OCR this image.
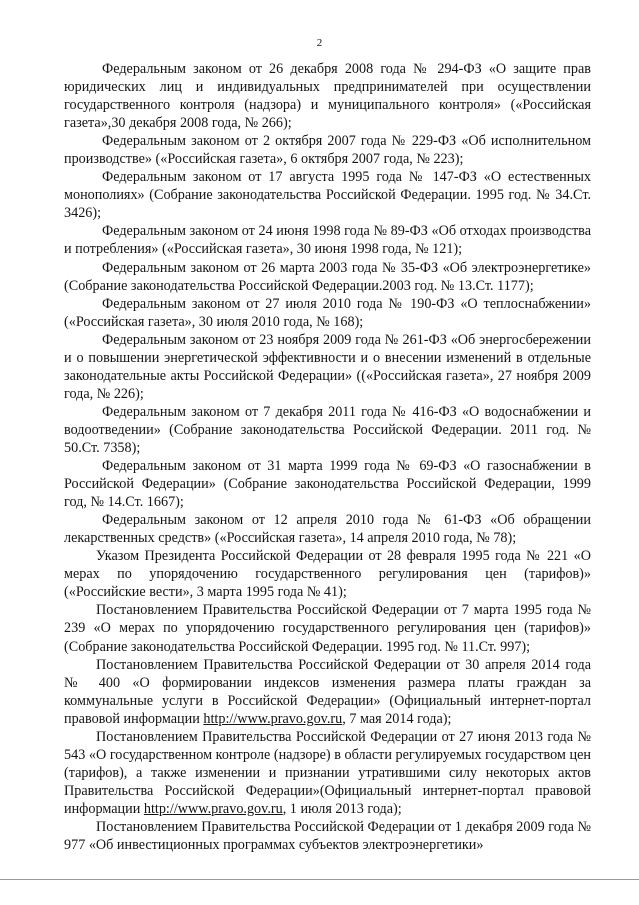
2

Федеральным законом от 26 декабря 2008 года № 294-ФЗ «О защите прав юридических лиц и индивидуальных предпринимателей при осуществлении государственного контроля (надзора) и муниципального контроля» («Российская газета»,30 декабря 2008 года, № 266);

Федеральным законом от 2 октября 2007 года № 229-ФЗ «Об исполнительном производстве» («Российская газета», 6 октября 2007 года, № 223);

Федеральным законом от 17 августа 1995 года № 147-ФЗ «О естественных монополиях» (Собрание законодательства Российской Федерации. 1995 год. № 34.Ст. 3426);

Федеральным законом от 24 июня 1998 года № 89-ФЗ «Об отходах производства и потребления» («Российская газета», 30 июня 1998 года, № 121);

Федеральным законом от 26 марта 2003 года № 35-ФЗ «Об электроэнергетике» (Собрание законодательства Российской Федерации.2003 год. № 13.Ст. 1177);

Федеральным законом от 27 июля 2010 года № 190-ФЗ «О теплоснабжении» («Российская газета», 30 июля 2010 года, № 168);

Федеральным законом от 23 ноября 2009 года № 261-ФЗ «Об энергосбережении и о повышении энергетической эффективности и о внесении изменений в отдельные законодательные акты Российской Федерации» ((«Российская газета», 27 ноября 2009 года, № 226);

Федеральным законом от 7 декабря 2011 года № 416-ФЗ «О водоснабжении и водоотведении» (Собрание законодательства Российской Федерации. 2011 год. № 50.Ст. 7358);

Федеральным законом от 31 марта 1999 года № 69-ФЗ «О газоснабжении в Российской Федерации» (Собрание законодательства Российской Федерации, 1999 год, № 14.Ст. 1667);

Федеральным законом от 12 апреля 2010 года № 61-ФЗ «Об обращении лекарственных средств» («Российская газета», 14 апреля 2010 года, № 78);

Указом Президента Российской Федерации от 28 февраля 1995 года № 221 «О мерах по упорядочению государственного регулирования цен (тарифов)» («Российские вести», 3 марта 1995 года № 41);

Постановлением Правительства Российской Федерации от 7 марта 1995 года № 239 «О мерах по упорядочению государственного регулирования цен (тарифов)» (Собрание законодательства Российской Федерации. 1995 год. № 11.Ст. 997);

Постановлением Правительства Российской Федерации от 30 апреля 2014 года № 400 «О формировании индексов изменения размера платы граждан за коммунальные услуги в Российской Федерации» (Официальный интернет-портал правовой информации http://www.pravo.gov.ru, 7 мая 2014 года);

Постановлением Правительства Российской Федерации от 27 июня 2013 года № 543 «О государственном контроле (надзоре) в области регулируемых государством цен (тарифов), а также изменении и признании утратившими силу некоторых актов Правительства Российской Федерации»(Официальный интернет-портал правовой информации http://www.pravo.gov.ru, 1 июля 2013 года);

Постановлением Правительства Российской Федерации от 1 декабря 2009 года № 977 «Об инвестиционных программах субъектов электроэнергетики»
